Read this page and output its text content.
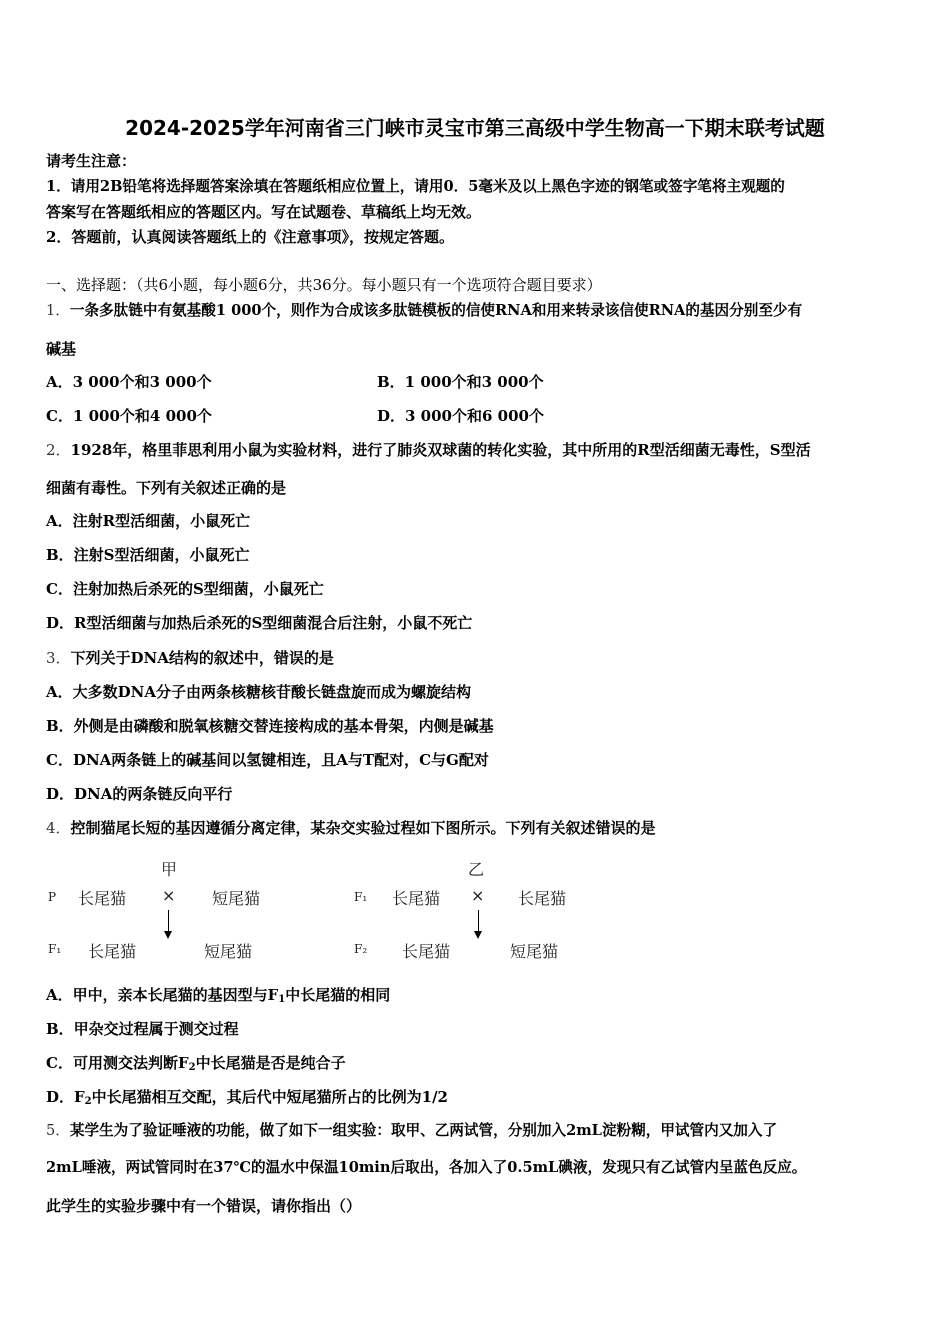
2024-2025学年河南省三门峡市灵宝市第三高级中学生物高一下期末联考试题
请考生注意：
1．请用2B铅笔将选择题答案涂填在答题纸相应位置上，请用0．5毫米及以上黑色字迹的钢笔或签字笔将主观题的
答案写在答题纸相应的答题区内。写在试题卷、草稿纸上均无效。
2．答题前，认真阅读答题纸上的《注意事项》，按规定答题。
一、选择题：（共6小题，每小题6分，共36分。每小题只有一个选项符合题目要求）
1．一条多肽链中有氨基酸1 000个，则作为合成该多肽链模板的信使RNA和用来转录该信使RNA的基因分别至少有
碱基
A．3 000个和3 000个	B．1 000个和3 000个
C．1 000个和4 000个	D．3 000个和6 000个
2．1928年，格里菲思利用小鼠为实验材料，进行了肺炎双球菌的转化实验，其中所用的R型活细菌无毒性，S型活
细菌有毒性。下列有关叙述正确的是
A．注射R型活细菌，小鼠死亡
B．注射S型活细菌，小鼠死亡
C．注射加热后杀死的S型细菌，小鼠死亡
D．R型活细菌与加热后杀死的S型细菌混合后注射，小鼠不死亡
3．下列关于DNA结构的叙述中，错误的是
A．大多数DNA分子由两条核糖核苷酸长链盘旋而成为螺旋结构
B．外侧是由磷酸和脱氧核糖交替连接构成的基本骨架，内侧是碱基
C．DNA两条链上的碱基间以氢键相连，且A与T配对，C与G配对
D．DNA的两条链反向平行
4．控制猫尾长短的基因遵循分离定律，某杂交实验过程如下图所示。下列有关叙述错误的是
甲
P 长尾猫 × 短尾猫
F₁ 长尾猫	短尾猫
乙
F₁ 长尾猫 × 长尾猫
F₂ 长尾猫	短尾猫
A．甲中，亲本长尾猫的基因型与$F_1$中长尾猫的相同
B．甲杂交过程属于测交过程
C．可用测交法判断$F_2$中长尾猫是否是纯合子
D．$F_2$中长尾猫相互交配，其后代中短尾猫所占的比例为1/2
5．某学生为了验证唾液的功能，做了如下一组实验：取甲、乙两试管，分别加入2mL淀粉糊，甲试管内又加入了
2mL唾液，两试管同时在37℃的温水中保温10min后取出，各加入了0.5mL碘液，发现只有乙试管内呈蓝色反应。
此学生的实验步骤中有一个错误，请你指出（）
